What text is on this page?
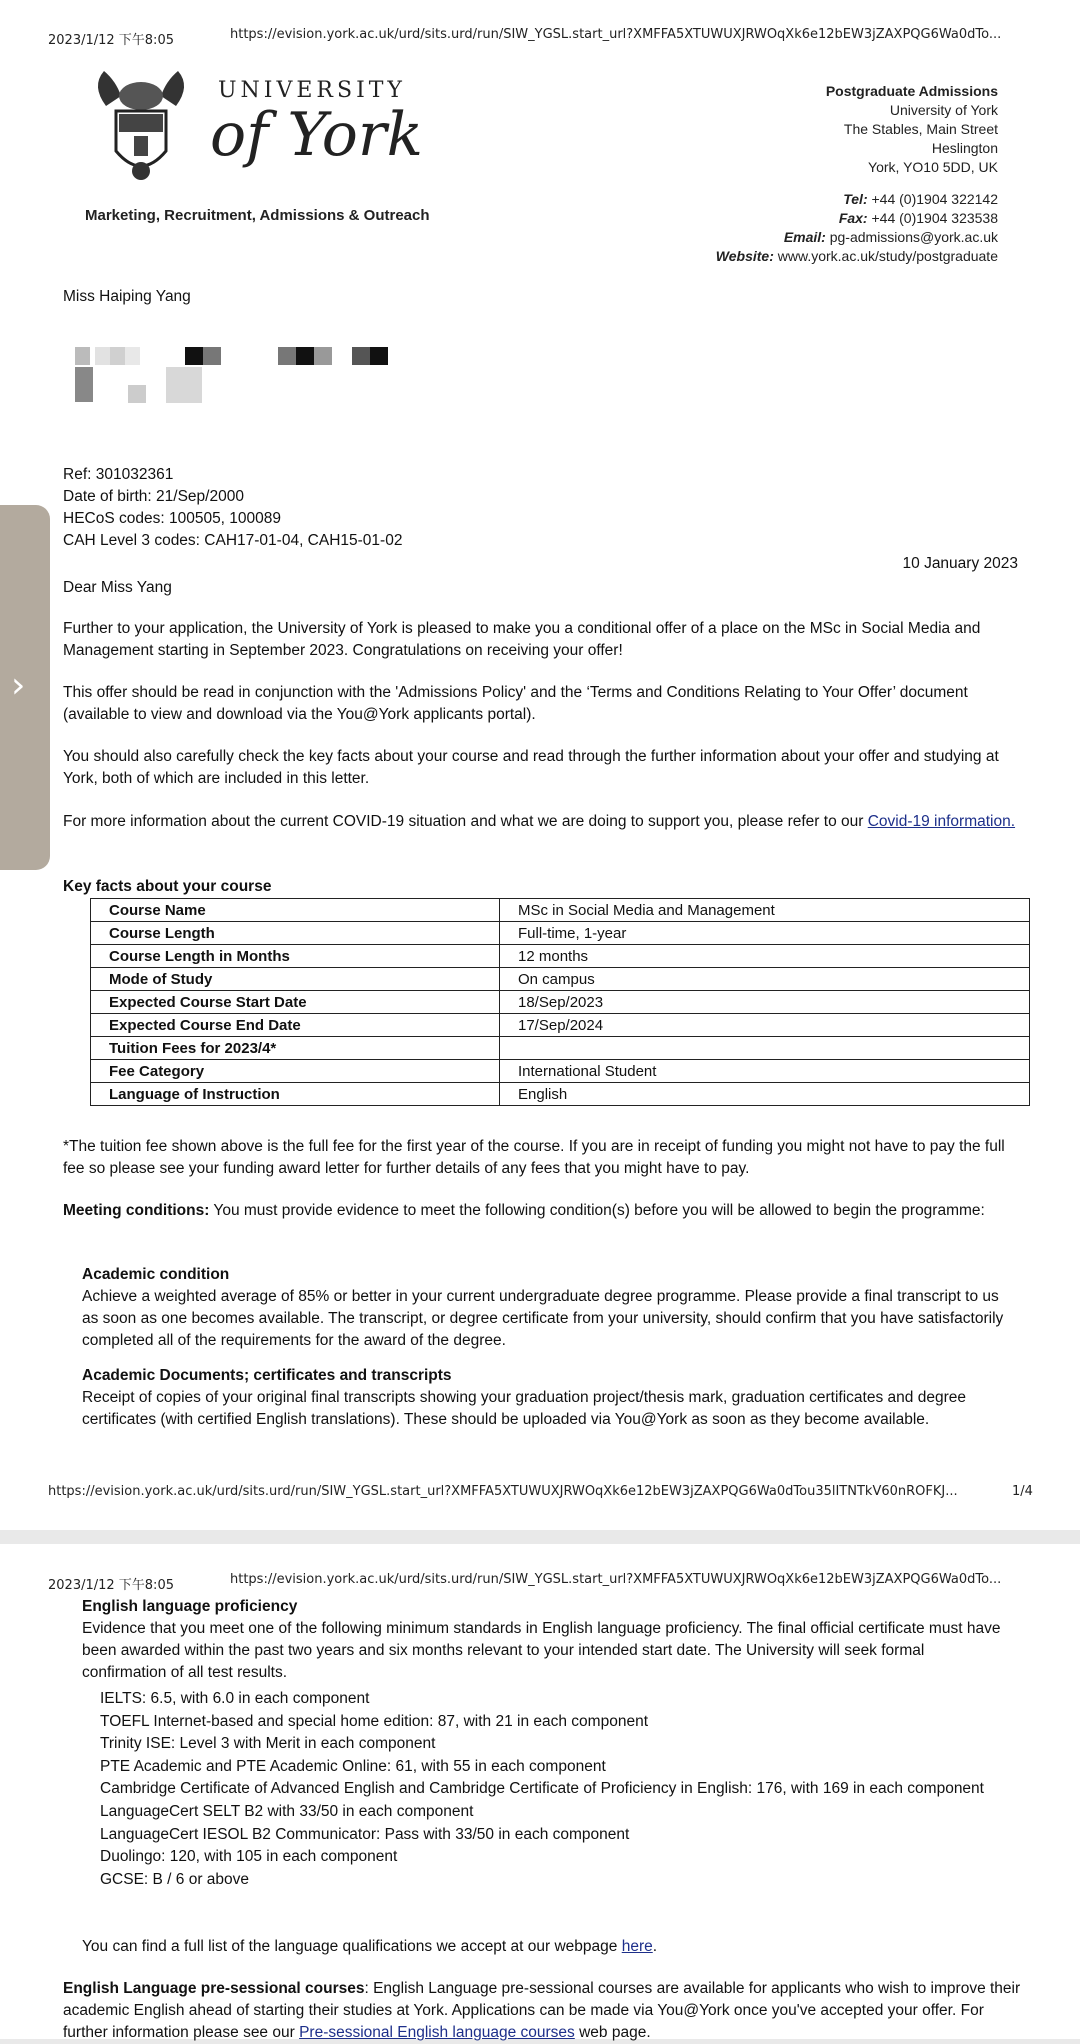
2023/1/12 下午8:05	https://evision.york.ac.uk/urd/sits.urd/run/SIW_YGSL.start_url?XMFFA5XTUWUXJRWOqXk6e12bEW3jZAXPQG6Wa0dTo...
UNIVERSITY
of York
Marketing, Recruitment, Admissions & Outreach
Postgraduate Admissions
University of York
The Stables, Main Street
Heslington
York, YO10 5DD, UK
Tel: +44 (0)1904 322142
Fax: +44 (0)1904 323538
Email: pg-admissions@york.ac.uk
Website: www.york.ac.uk/study/postgraduate
Miss Haiping Yang
Ref: 301032361
Date of birth: 21/Sep/2000
HECoS codes: 100505, 100089
CAH Level 3 codes: CAH17-01-04, CAH15-01-02
10 January 2023
Dear Miss Yang
Further to your application, the University of York is pleased to make you a conditional offer of a place on the MSc in Social Media and Management starting in September 2023. Congratulations on receiving your offer!
This offer should be read in conjunction with the 'Admissions Policy' and the ‘Terms and Conditions Relating to Your Offer’ document (available to view and download via the You@York applicants portal).
You should also carefully check the key facts about your course and read through the further information about your offer and studying at York, both of which are included in this letter.
For more information about the current COVID-19 situation and what we are doing to support you, please refer to our Covid-19 information.
Key facts about your course
Course Name	MSc in Social Media and Management
Course Length	Full-time, 1-year
Course Length in Months	12 months
Mode of Study	On campus
Expected Course Start Date	18/Sep/2023
Expected Course End Date	17/Sep/2024
Tuition Fees for 2023/4*	
Fee Category	International Student
Language of Instruction	English
*The tuition fee shown above is the full fee for the first year of the course. If you are in receipt of funding you might not have to pay the full fee so please see your funding award letter for further details of any fees that you might have to pay.
Meeting conditions: You must provide evidence to meet the following condition(s) before you will be allowed to begin the programme:
Academic condition
Achieve a weighted average of 85% or better in your current undergraduate degree programme. Please provide a final transcript to us as soon as one becomes available. The transcript, or degree certificate from your university, should confirm that you have satisfactorily completed all of the requirements for the award of the degree.
Academic Documents; certificates and transcripts
Receipt of copies of your original final transcripts showing your graduation project/thesis mark, graduation certificates and degree certificates (with certified English translations). These should be uploaded via You@York as soon as they become available.
https://evision.york.ac.uk/urd/sits.urd/run/SIW_YGSL.start_url?XMFFA5XTUWUXJRWOqXk6e12bEW3jZAXPQG6Wa0dTou35lITNTkV60nROFKJ...	1/4
›
2023/1/12 下午8:05	https://evision.york.ac.uk/urd/sits.urd/run/SIW_YGSL.start_url?XMFFA5XTUWUXJRWOqXk6e12bEW3jZAXPQG6Wa0dTo...
English language proficiency
Evidence that you meet one of the following minimum standards in English language proficiency. The final official certificate must have been awarded within the past two years and six months relevant to your intended start date. The University will seek formal confirmation of all test results.
IELTS: 6.5, with 6.0 in each component
TOEFL Internet-based and special home edition: 87, with 21 in each component
Trinity ISE: Level 3 with Merit in each component
PTE Academic and PTE Academic Online: 61, with 55 in each component
Cambridge Certificate of Advanced English and Cambridge Certificate of Proficiency in English: 176, with 169 in each component
LanguageCert SELT B2 with 33/50 in each component
LanguageCert IESOL B2 Communicator: Pass with 33/50 in each component
Duolingo: 120, with 105 in each component
GCSE: B / 6 or above
You can find a full list of the language qualifications we accept at our webpage here.
English Language pre-sessional courses: English Language pre-sessional courses are available for applicants who wish to improve their academic English ahead of starting their studies at York. Applications can be made via You@York once you've accepted your offer. For further information please see our Pre-sessional English language courses web page.
